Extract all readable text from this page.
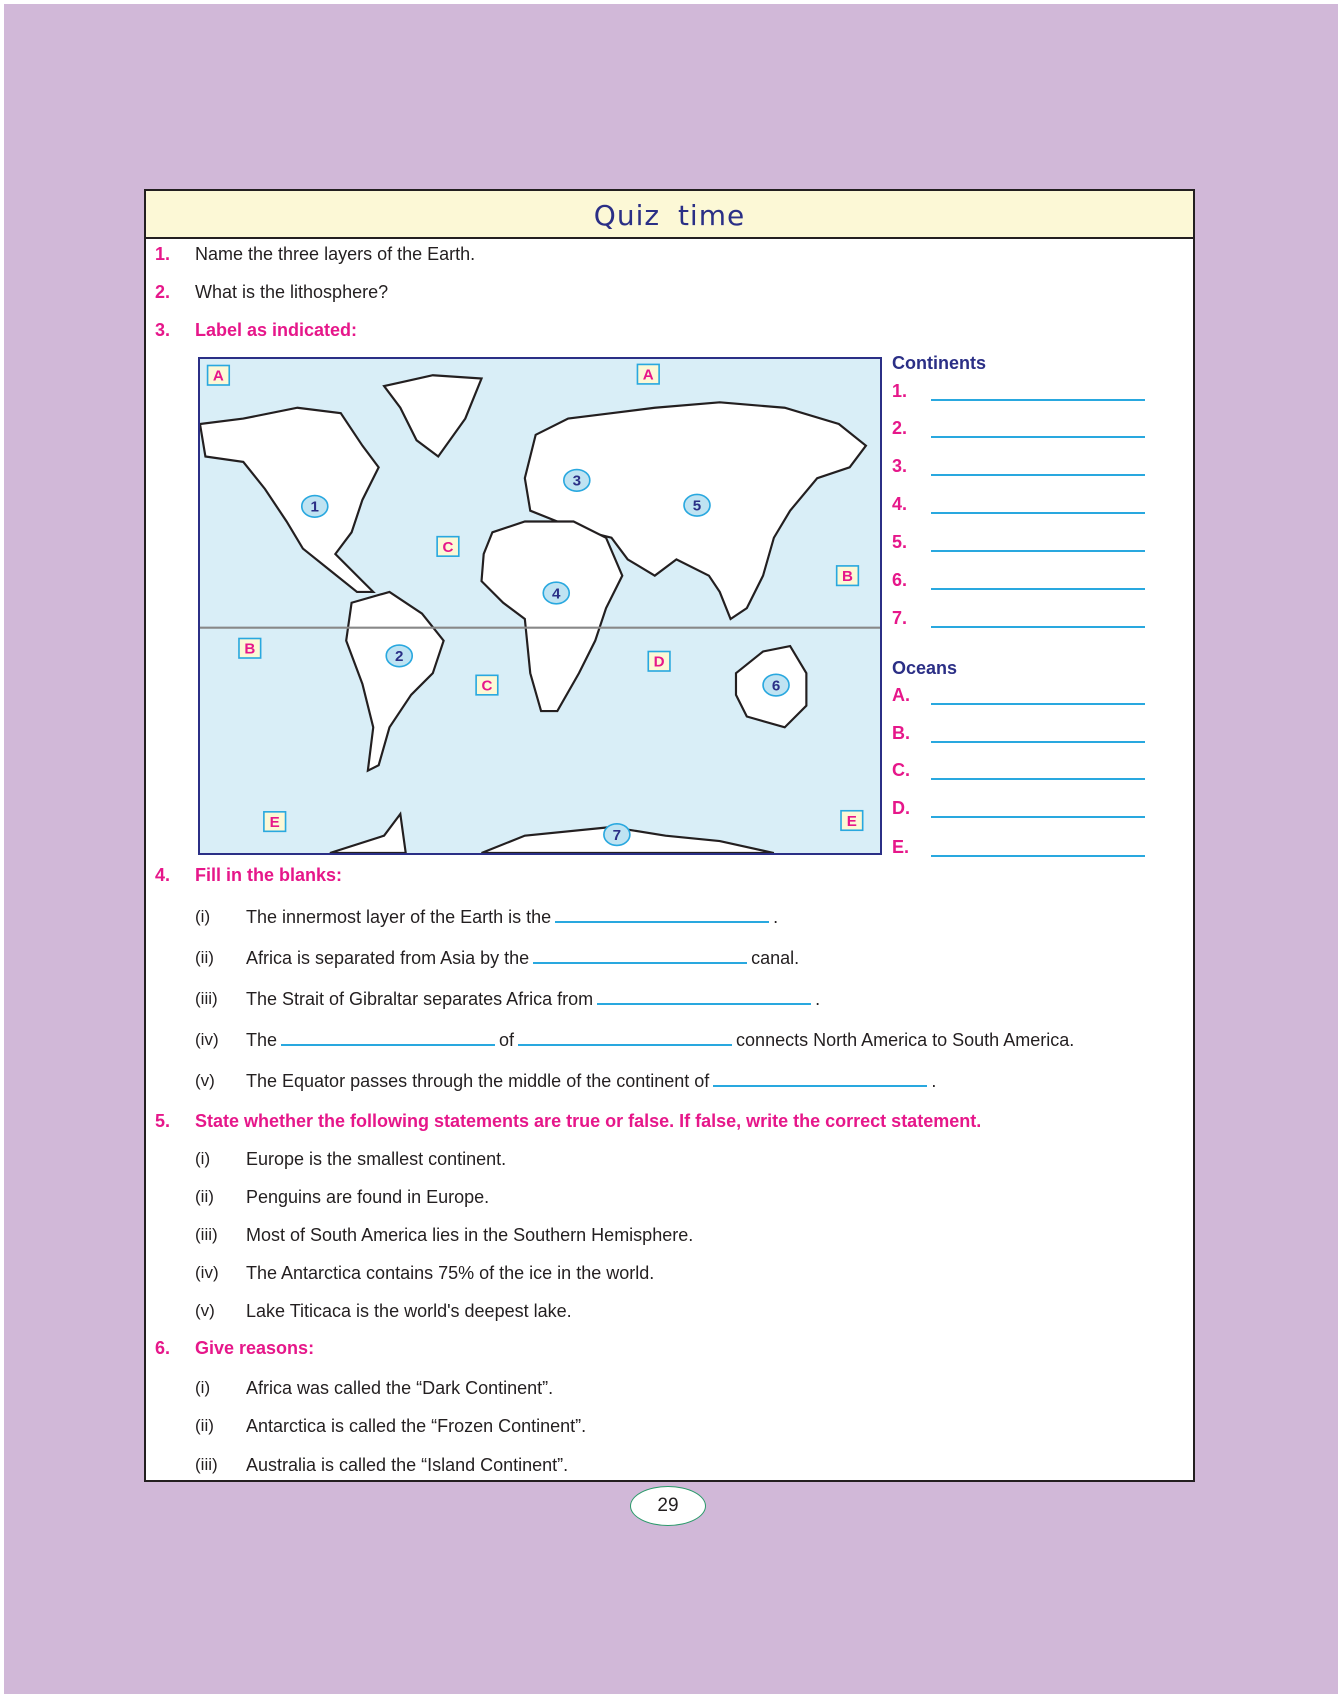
Quiz time
1. Name the three layers of the Earth.
2. What is the lithosphere?
3. Label as indicated:
A	A
B
B
C
C
D
E	E
1
2
3
4
5
6
7
Continents
Oceans
4. Fill in the blanks:
5. State whether the following statements are true or false. If false, write the correct statement.
6. Give reasons:
1.
2.
3.
4.
5.
6.
7.
A.
B.
C.
D.
E.
(i) The innermost layer of the Earth is the	.
(ii) Africa is separated from Asia by the	canal.
(iii) The Strait of Gibraltar separates Africa from	.
(iv) The	of	connects North America to South America.
(v) The Equator passes through the middle of the continent of	.
(i) Europe is the smallest continent.
(ii) Penguins are found in Europe.
(iii) Most of South America lies in the Southern Hemisphere.
(iv) The Antarctica contains 75% of the ice in the world.
(v) Lake Titicaca is the world's deepest lake.
(i) Africa was called the “Dark Continent”.
(ii) Antarctica is called the “Frozen Continent”.
(iii) Australia is called the “Island Continent”.
29
